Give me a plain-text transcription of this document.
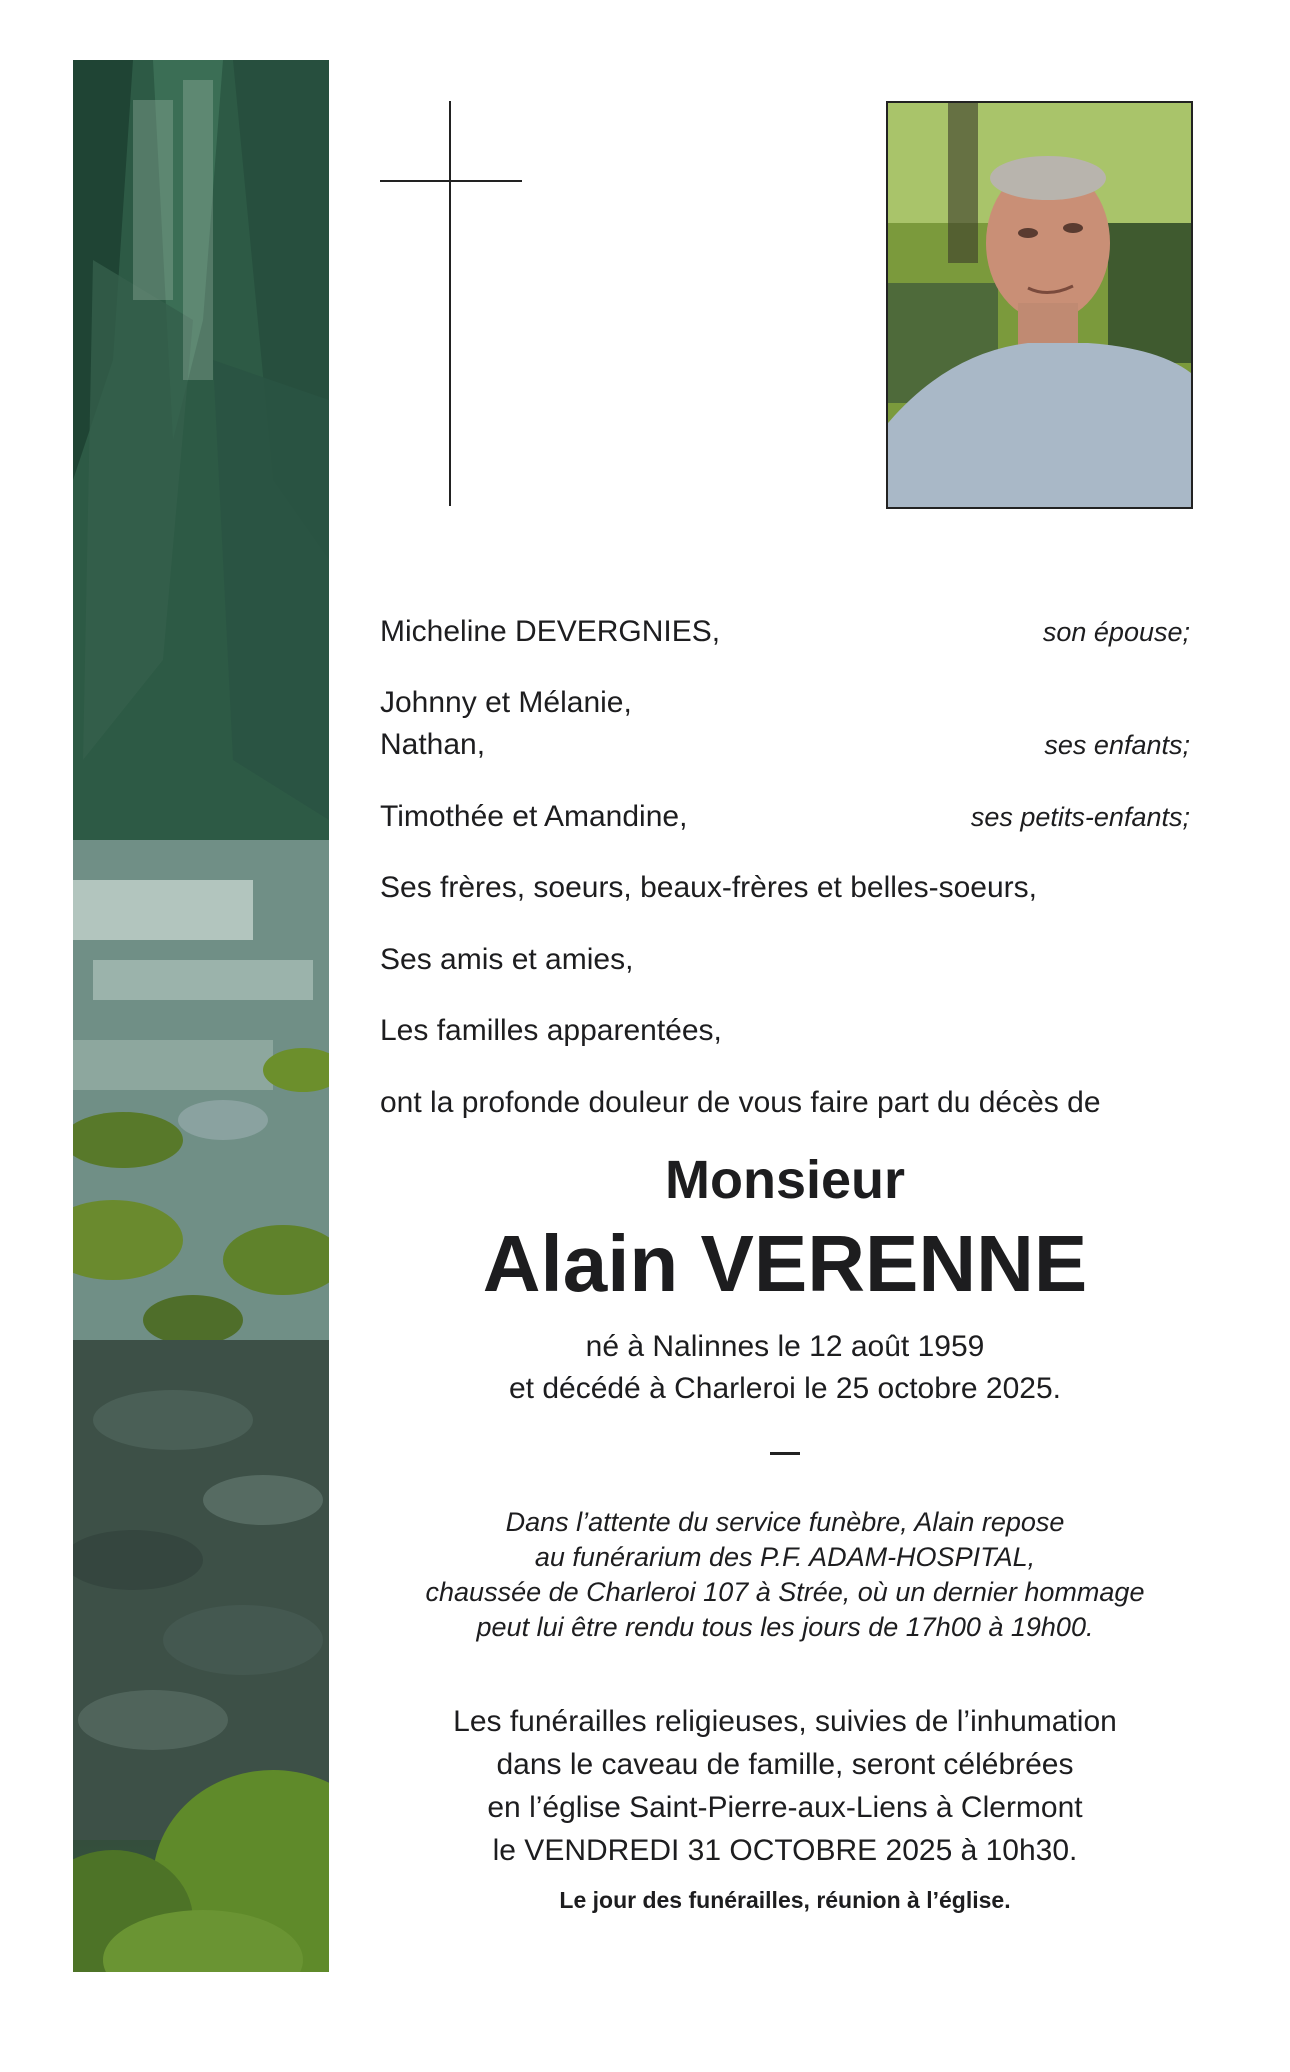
Micheline DEVERGNIES,	son épouse;
Johnny et Mélanie,
Nathan,	ses enfants;
Timothée et Amandine,	ses petits-enfants;
Ses frères, soeurs, beaux-frères et belles-soeurs,
Ses amis et amies,
Les familles apparentées,
ont la profonde douleur de vous faire part du décès de
Monsieur
Alain VERENNE
né à Nalinnes le 12 août 1959
et décédé à Charleroi le 25 octobre 2025.
Dans l’attente du service funèbre, Alain repose
au funérarium des P.F. ADAM-HOSPITAL,
chaussée de Charleroi 107 à Strée, où un dernier hommage
peut lui être rendu tous les jours de 17h00 à 19h00.
Les funérailles religieuses, suivies de l’inhumation
dans le caveau de famille, seront célébrées
en l’église Saint-Pierre-aux-Liens à Clermont
le VENDREDI 31 OCTOBRE 2025 à 10h30.
Le jour des funérailles, réunion à l’église.
